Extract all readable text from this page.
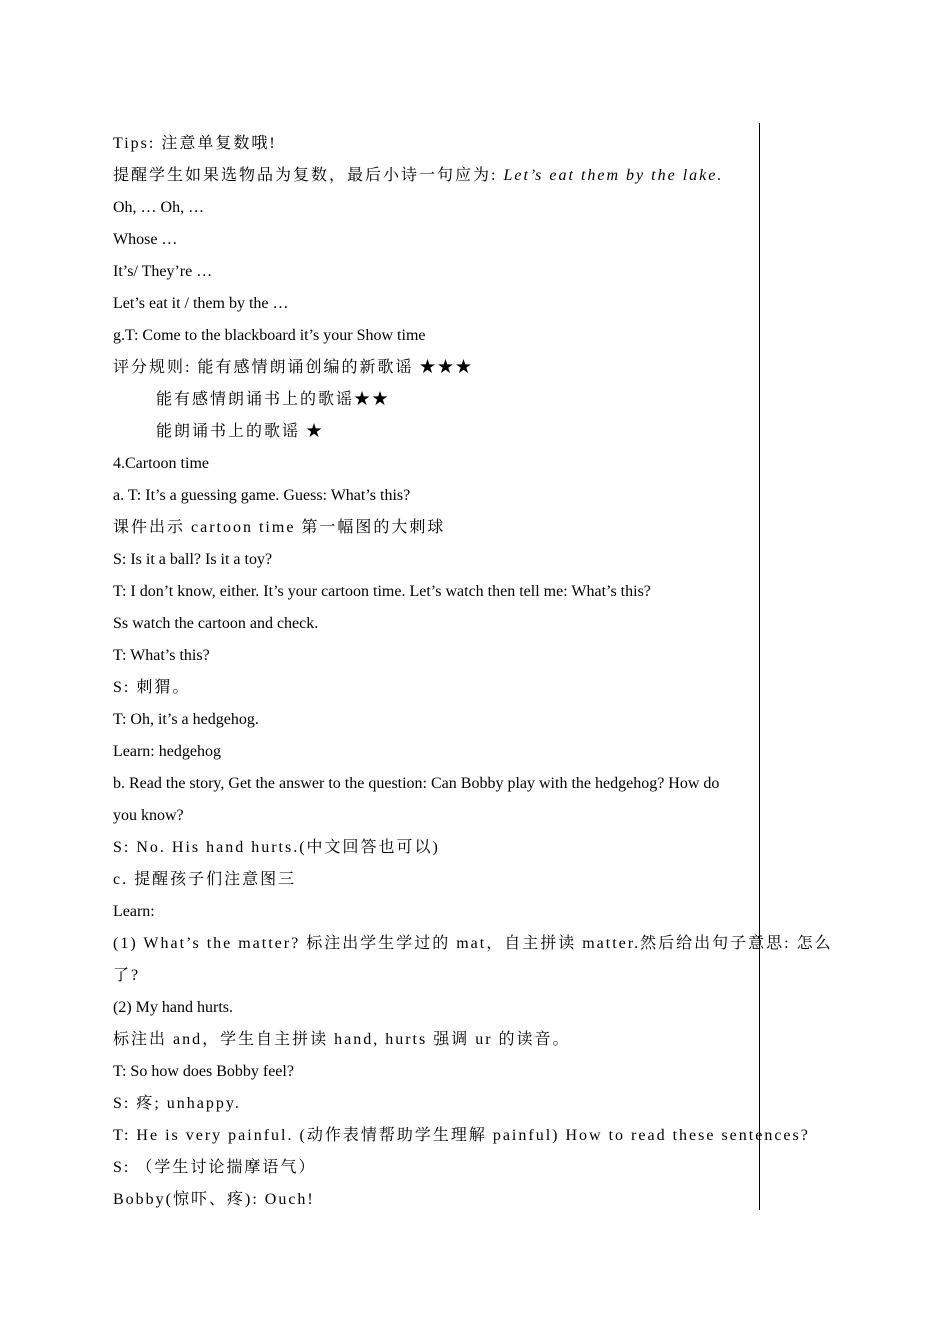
Tips: 注意单复数哦!
提醒学生如果选物品为复数，最后小诗一句应为: Let’s eat them by the lake.
Oh, … Oh, …
Whose …
It’s/ They’re …
Let’s eat it / them by the …
g.T: Come to the blackboard it’s your Show time
评分规则: 能有感情朗诵创编的新歌谣 ★★★
能有感情朗诵书上的歌谣★★
能朗诵书上的歌谣 ★
4.Cartoon time
a. T: It’s a guessing game. Guess: What’s this?
课件出示 cartoon time 第一幅图的大刺球
S: Is it a ball? Is it a toy?
T: I don’t know, either. It’s your cartoon time. Let’s watch then tell me: What’s this?
Ss watch the cartoon and check.
T: What’s this?
S: 刺猬。
T: Oh, it’s a hedgehog.
Learn: hedgehog
b. Read the story, Get the answer to the question: Can Bobby play with the hedgehog? How do
you know?
S: No. His hand hurts.(中文回答也可以)
c. 提醒孩子们注意图三
Learn:
(1) What’s the matter? 标注出学生学过的 mat，自主拼读 matter.然后给出句子意思: 怎么
了?
(2) My hand hurts.
标注出 and，学生自主拼读 hand, hurts 强调 ur 的读音。
T: So how does Bobby feel?
S: 疼; unhappy.
T: He is very painful. (动作表情帮助学生理解 painful) How to read these sentences?
S: （学生讨论揣摩语气）
Bobby(惊吓、疼): Ouch!
